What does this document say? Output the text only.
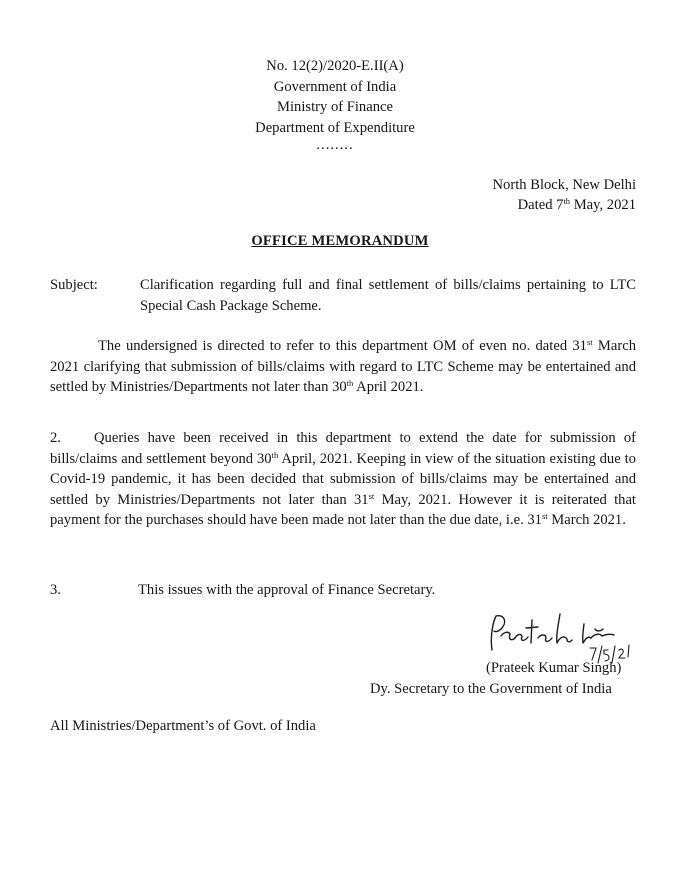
No. 12(2)/2020-E.II(A)
Government of India
Ministry of Finance
Department of Expenditure
........
North Block, New Delhi
Dated 7th May, 2021
OFFICE MEMORANDUM
Subject:	Clarification regarding full and final settlement of bills/claims pertaining to LTC Special Cash Package Scheme.
The undersigned is directed to refer to this department OM of even no. dated 31st March 2021 clarifying that submission of bills/claims with regard to LTC Scheme may be entertained and settled by Ministries/Departments not later than 30th April 2021.
2. Queries have been received in this department to extend the date for submission of bills/claims and settlement beyond 30th April, 2021. Keeping in view of the situation existing due to Covid-19 pandemic, it has been decided that submission of bills/claims may be entertained and settled by Ministries/Departments not later than 31st May, 2021. However it is reiterated that payment for the purchases should have been made not later than the due date, i.e. 31st March 2021.
3.	This issues with the approval of Finance Secretary.
(Prateek Kumar Singh)
Dy. Secretary to the Government of India
All Ministries/Department’s of Govt. of India
